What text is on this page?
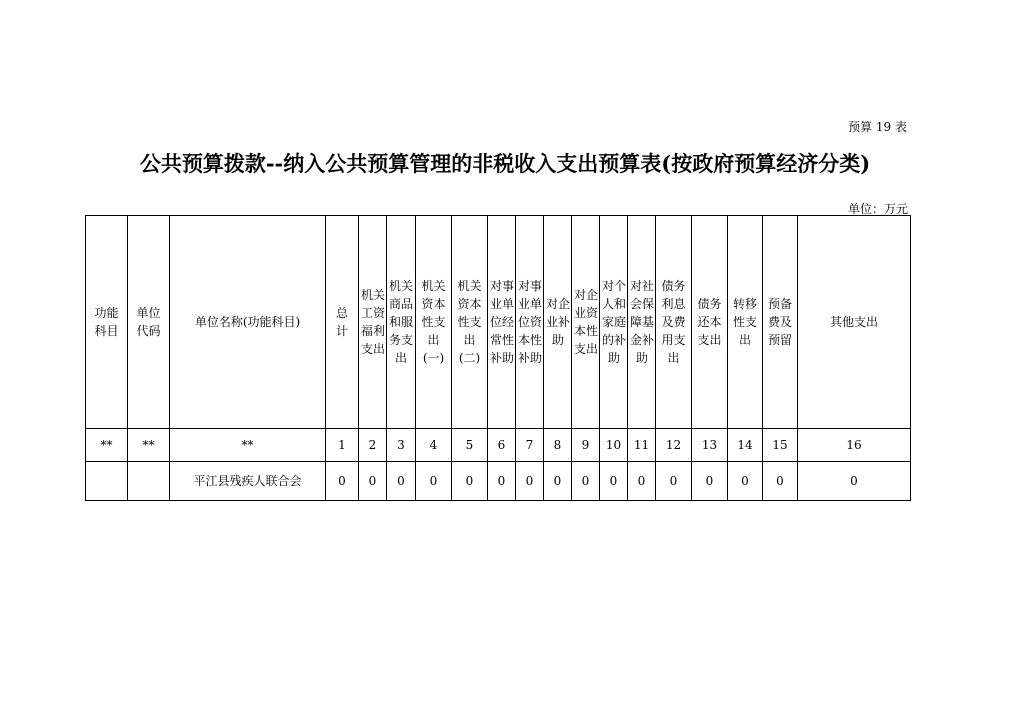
预算 19 表
公共预算拨款--纳入公共预算管理的非税收入支出预算表(按政府预算经济分类)
单位：万元
功能科目	单位代码	单位名称(功能科目)	总计	机关工资福利支出	机关商品和服务支出	机关资本性支出(一)	机关资本性支出(二)	对事业单位经常性补助	对事业单位资本性补助	对企业补助	对企业资本性支出	对个人和家庭的补助	对社会保障基金补助	债务利息及费用支出	债务还本支出	转移性支出	预备费及预留	其他支出
**	**	**	1	2	3	4	5	6	7	8	9	10	11	12	13	14	15	16
		平江县残疾人联合会	0	0	0	0	0	0	0	0	0	0	0	0	0	0	0	0
